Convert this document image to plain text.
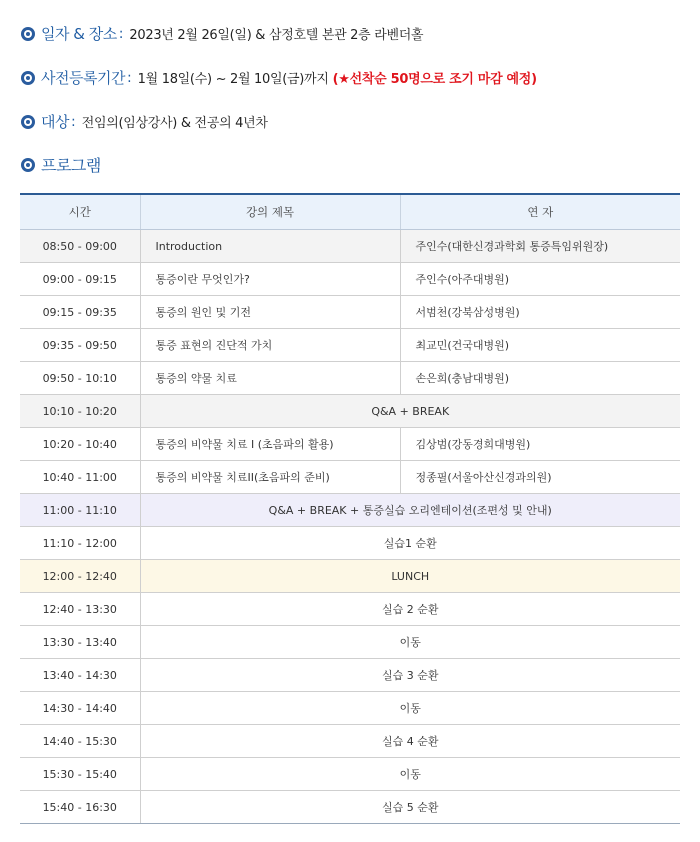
일자 & 장소 : 2023년 2월 26일(일) & 삼정호텔 본관 2층 라벤더홀
사전등록기간 : 1월 18일(수) ~ 2월 10일(금)까지 (★선착순 50명으로 조기 마감 예정)
대상 : 전임의(임상강사) & 전공의 4년차
프로그램
시간	강의 제목	연 자
08:50 - 09:00	Introduction	주인수(대한신경과학회 통증특임위원장)
09:00 - 09:15	통증이란 무엇인가?	주인수(아주대병원)
09:15 - 09:35	통증의 원인 및 기전	서범천(강북삼성병원)
09:35 - 09:50	통증 표현의 진단적 가치	최교민(건국대병원)
09:50 - 10:10	통증의 약물 치료	손은희(충남대병원)
10:10 - 10:20	Q&A + BREAK	
10:20 - 10:40	통증의 비약물 치료 I (초음파의 활용)	김상범(강동경희대병원)
10:40 - 11:00	통증의 비약물 치료II(초음파의 준비)	정종필(서울아산신경과의원)
11:00 - 11:10	Q&A + BREAK + 통증실습 오리엔테이션(조편성 및 안내)	
11:10 - 12:00	실습1 순환	
12:00 - 12:40	LUNCH	
12:40 - 13:30	실습 2 순환	
13:30 - 13:40	이동	
13:40 - 14:30	실습 3 순환	
14:30 - 14:40	이동	
14:40 - 15:30	실습 4 순환	
15:30 - 15:40	이동	
15:40 - 16:30	실습 5 순환	
